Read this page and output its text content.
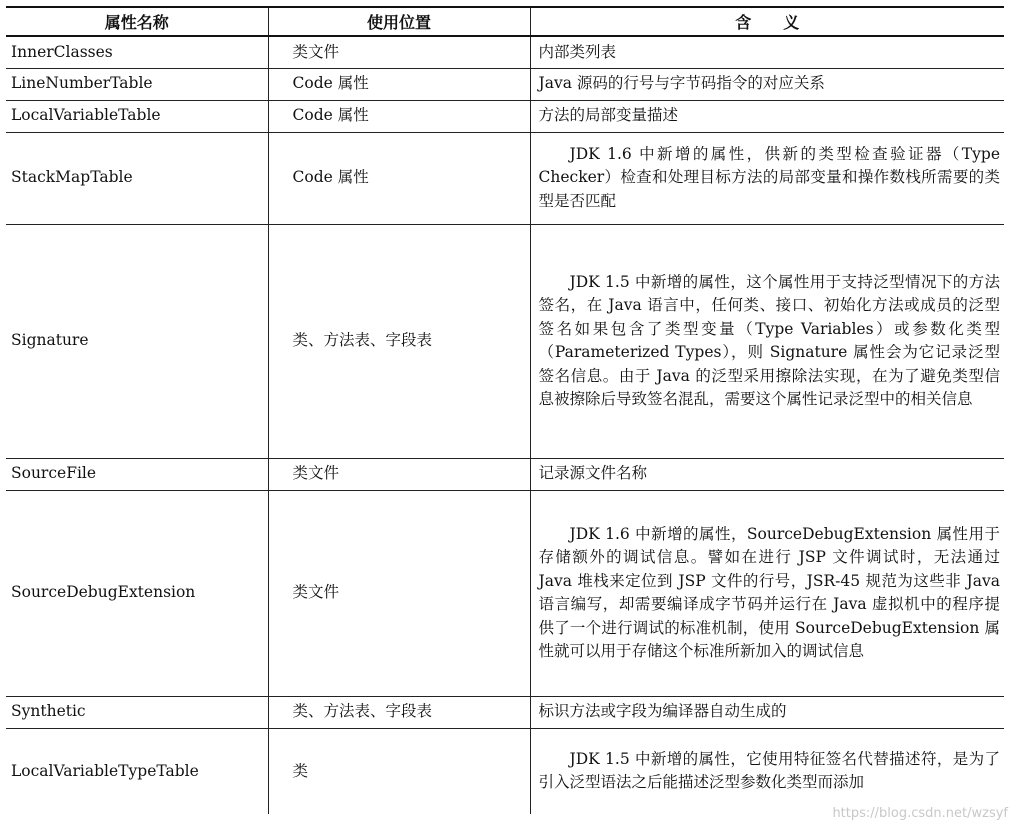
属性名称	使用位置	含　　义
InnerClasses	类文件	内部类列表
LineNumberTable	Code 属性	Java 源码的行号与字节码指令的对应关系
LocalVariableTable	Code 属性	方法的局部变量描述
StackMapTable	Code 属性	JDK 1.6 中新增的属性，供新的类型检查验证器（Type Checker）检查和处理目标方法的局部变量和操作数栈所需要的类型是否匹配
Signature	类、方法表、字段表	JDK 1.5 中新增的属性，这个属性用于支持泛型情况下的方法签名，在 Java 语言中，任何类、接口、初始化方法或成员的泛型签名如果包含了类型变量（Type Variables）或参数化类型（Parameterized Types），则 Signature 属性会为它记录泛型签名信息。由于 Java 的泛型采用擦除法实现，在为了避免类型信息被擦除后导致签名混乱，需要这个属性记录泛型中的相关信息
SourceFile	类文件	记录源文件名称
SourceDebugExtension	类文件	JDK 1.6 中新增的属性，SourceDebugExtension 属性用于存储额外的调试信息。譬如在进行 JSP 文件调试时，无法通过 Java 堆栈来定位到 JSP 文件的行号，JSR-45 规范为这些非 Java 语言编写，却需要编译成字节码并运行在 Java 虚拟机中的程序提供了一个进行调试的标准机制，使用 SourceDebugExtension 属性就可以用于存储这个标准所新加入的调试信息
Synthetic	类、方法表、字段表	标识方法或字段为编译器自动生成的
LocalVariableTypeTable	类	JDK 1.5 中新增的属性，它使用特征签名代替描述符，是为了引入泛型语法之后能描述泛型参数化类型而添加
https://blog.csdn.net/wzsyf
